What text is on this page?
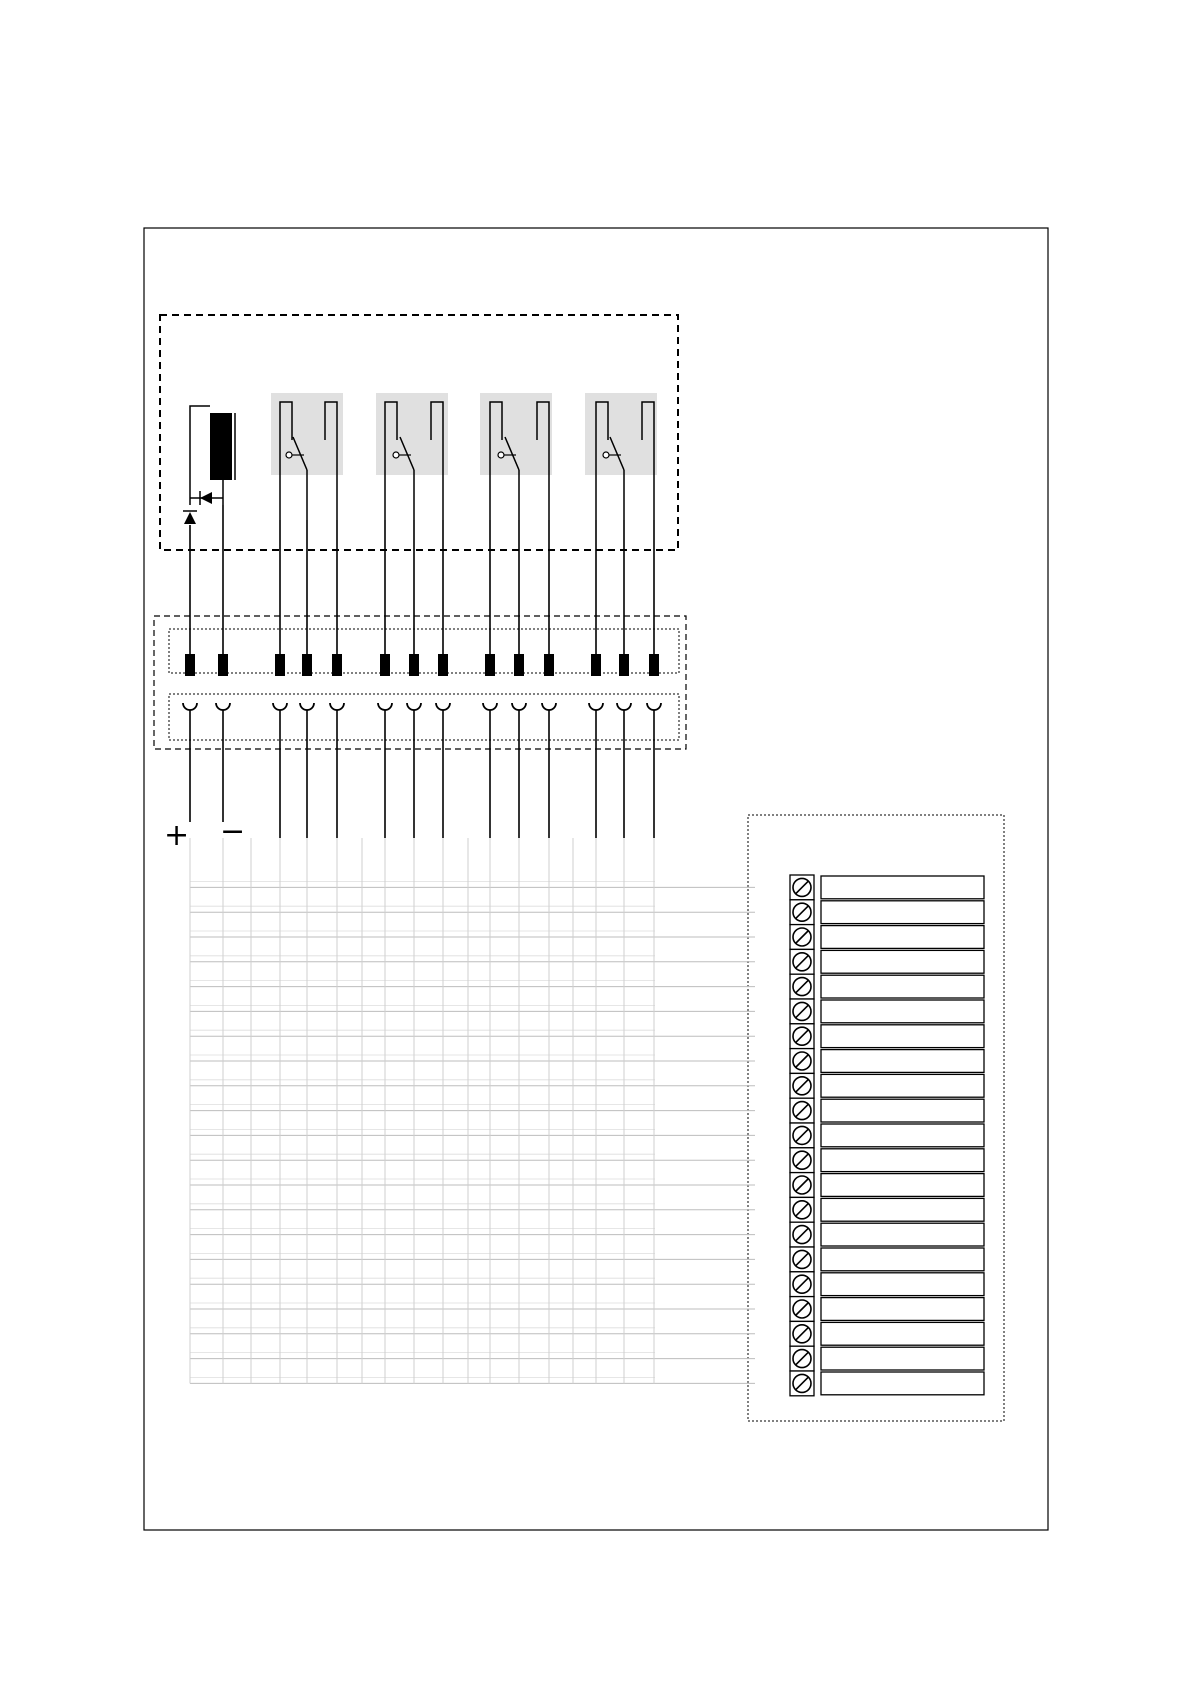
+ −
